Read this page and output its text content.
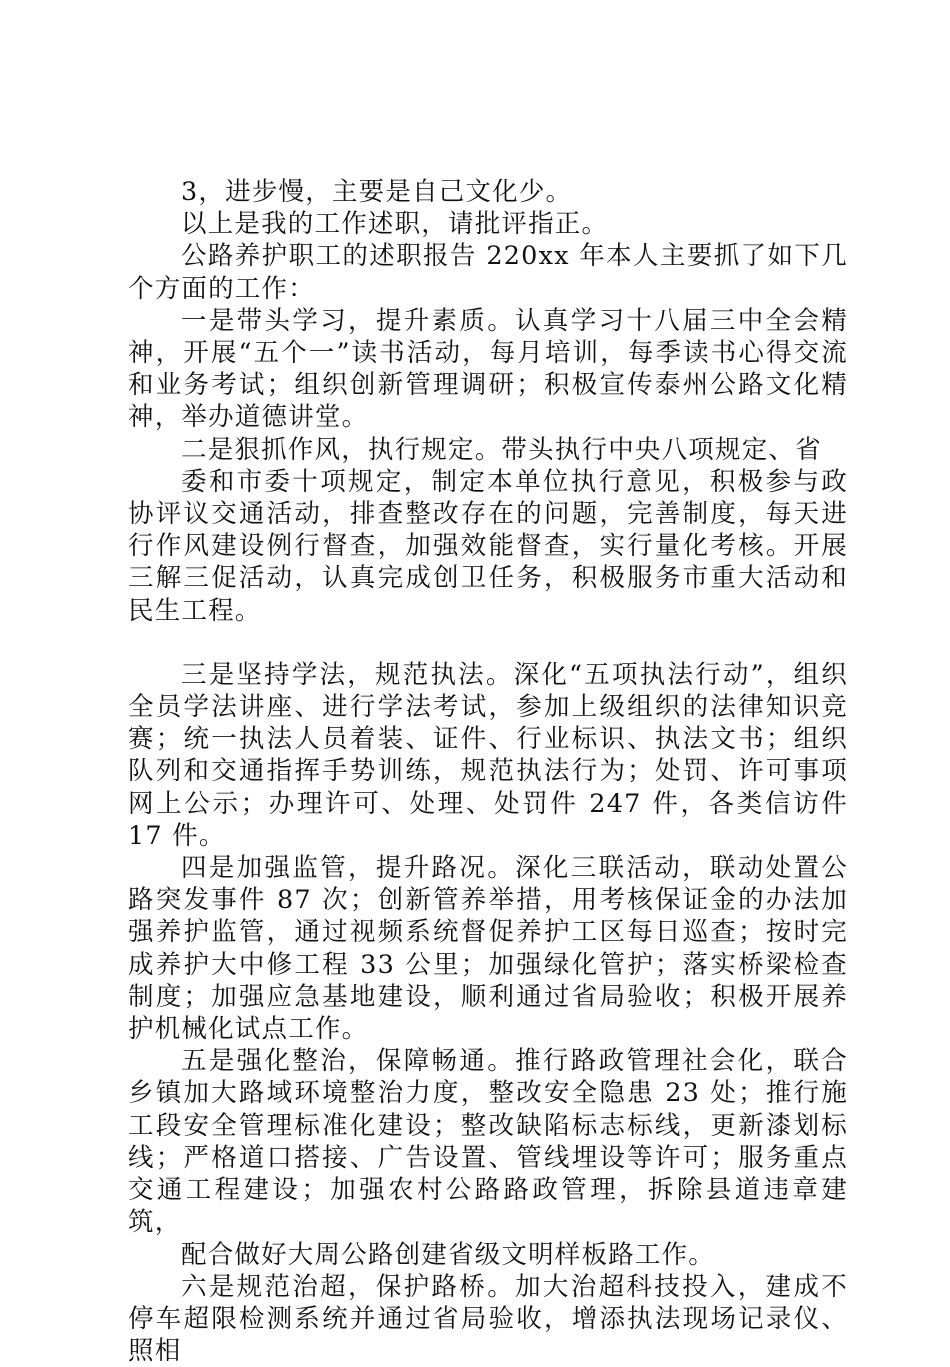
3，进步慢，主要是自己文化少。

以上是我的工作述职，请批评指正。

公路养护职工的述职报告 220xx 年本人主要抓了如下几个方面的工作：

一是带头学习，提升素质。认真学习十八届三中全会精神，开展“五个一”读书活动，每月培训，每季读书心得交流和业务考试；组织创新管理调研；积极宣传泰州公路文化精神，举办道德讲堂。

二是狠抓作风，执行规定。带头执行中央八项规定、省

委和市委十项规定，制定本单位执行意见，积极参与政协评议交通活动，排查整改存在的问题，完善制度，每天进行作风建设例行督查，加强效能督查，实行量化考核。开展三解三促活动，认真完成创卫任务，积极服务市重大活动和民生工程。

三是坚持学法，规范执法。深化“五项执法行动”，组织全员学法讲座、进行学法考试，参加上级组织的法律知识竞赛；统一执法人员着装、证件、行业标识、执法文书；组织队列和交通指挥手势训练，规范执法行为；处罚、许可事项网上公示；办理许可、处理、处罚件 247 件，各类信访件 17 件。

四是加强监管，提升路况。深化三联活动，联动处置公路突发事件 87 次；创新管养举措，用考核保证金的办法加强养护监管，通过视频系统督促养护工区每日巡查；按时完成养护大中修工程 33 公里；加强绿化管护；落实桥梁检查制度；加强应急基地建设，顺利通过省局验收；积极开展养护机械化试点工作。

五是强化整治，保障畅通。推行路政管理社会化，联合乡镇加大路域环境整治力度，整改安全隐患 23 处；推行施工段安全管理标准化建设；整改缺陷标志标线，更新漆划标线；严格道口搭接、广告设置、管线埋设等许可；服务重点交通工程建设；加强农村公路路政管理，拆除县道违章建筑，

配合做好大周公路创建省级文明样板路工作。

六是规范治超，保护路桥。加大治超科技投入，建成不停车超限检测系统并通过省局验收，增添执法现场记录仪、照相
